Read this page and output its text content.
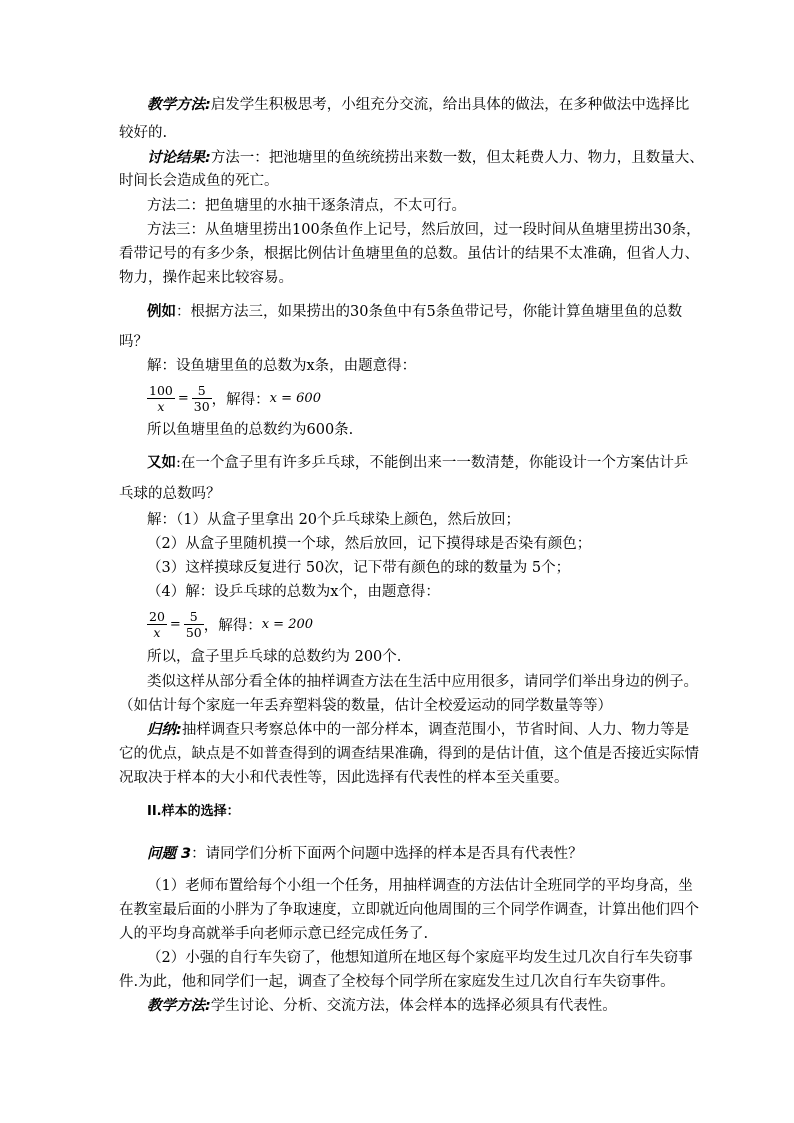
教学方法:启发学生积极思考，小组充分交流，给出具体的做法，在多种做法中选择比
较好的.
讨论结果:方法一：把池塘里的鱼统统捞出来数一数，但太耗费人力、物力，且数量大、
时间长会造成鱼的死亡。
方法二：把鱼塘里的水抽干逐条清点，不太可行。
方法三：从鱼塘里捞出100条鱼作上记号，然后放回，过一段时间从鱼塘里捞出30条，
看带记号的有多少条，根据比例估计鱼塘里鱼的总数。虽估计的结果不太准确，但省人力、
物力，操作起来比较容易。
例如：根据方法三，如果捞出的30条鱼中有5条鱼带记号，你能计算鱼塘里鱼的总数
吗？
解：设鱼塘里鱼的总数为x条，由题意得：
$\frac{100}{x} = \frac{5}{30}$ ，解得： x = 600
所以鱼塘里鱼的总数约为600条.
又如:在一个盒子里有许多乒乓球，不能倒出来一一数清楚，你能设计一个方案估计乒
乓球的总数吗？
解：（1）从盒子里拿出 20个乒乓球染上颜色，然后放回；
（2）从盒子里随机摸一个球，然后放回，记下摸得球是否染有颜色；
（3）这样摸球反复进行 50次，记下带有颜色的球的数量为 5个；
（4）解：设乒乓球的总数为x个，由题意得：
$\frac{20}{x} = \frac{5}{50}$ ，解得： x = 200
所以，盒子里乒乓球的总数约为 200个.
类似这样从部分看全体的抽样调查方法在生活中应用很多，请同学们举出身边的例子。
（如估计每个家庭一年丢弃塑料袋的数量，估计全校爱运动的同学数量等等）
归纳:抽样调查只考察总体中的一部分样本，调查范围小，节省时间、人力、物力等是
它的优点，缺点是不如普查得到的调查结果准确，得到的是估计值，这个值是否接近实际情
况取决于样本的大小和代表性等，因此选择有代表性的样本至关重要。
II.样本的选择：
问题 3：请同学们分析下面两个问题中选择的样本是否具有代表性？
（1）老师布置给每个小组一个任务，用抽样调查的方法估计全班同学的平均身高，坐
在教室最后面的小胖为了争取速度，立即就近向他周围的三个同学作调查，计算出他们四个
人的平均身高就举手向老师示意已经完成任务了.
（2）小强的自行车失窃了，他想知道所在地区每个家庭平均发生过几次自行车失窃事
件.为此，他和同学们一起，调查了全校每个同学所在家庭发生过几次自行车失窃事件。
教学方法:学生讨论、分析、交流方法，体会样本的选择必须具有代表性。
